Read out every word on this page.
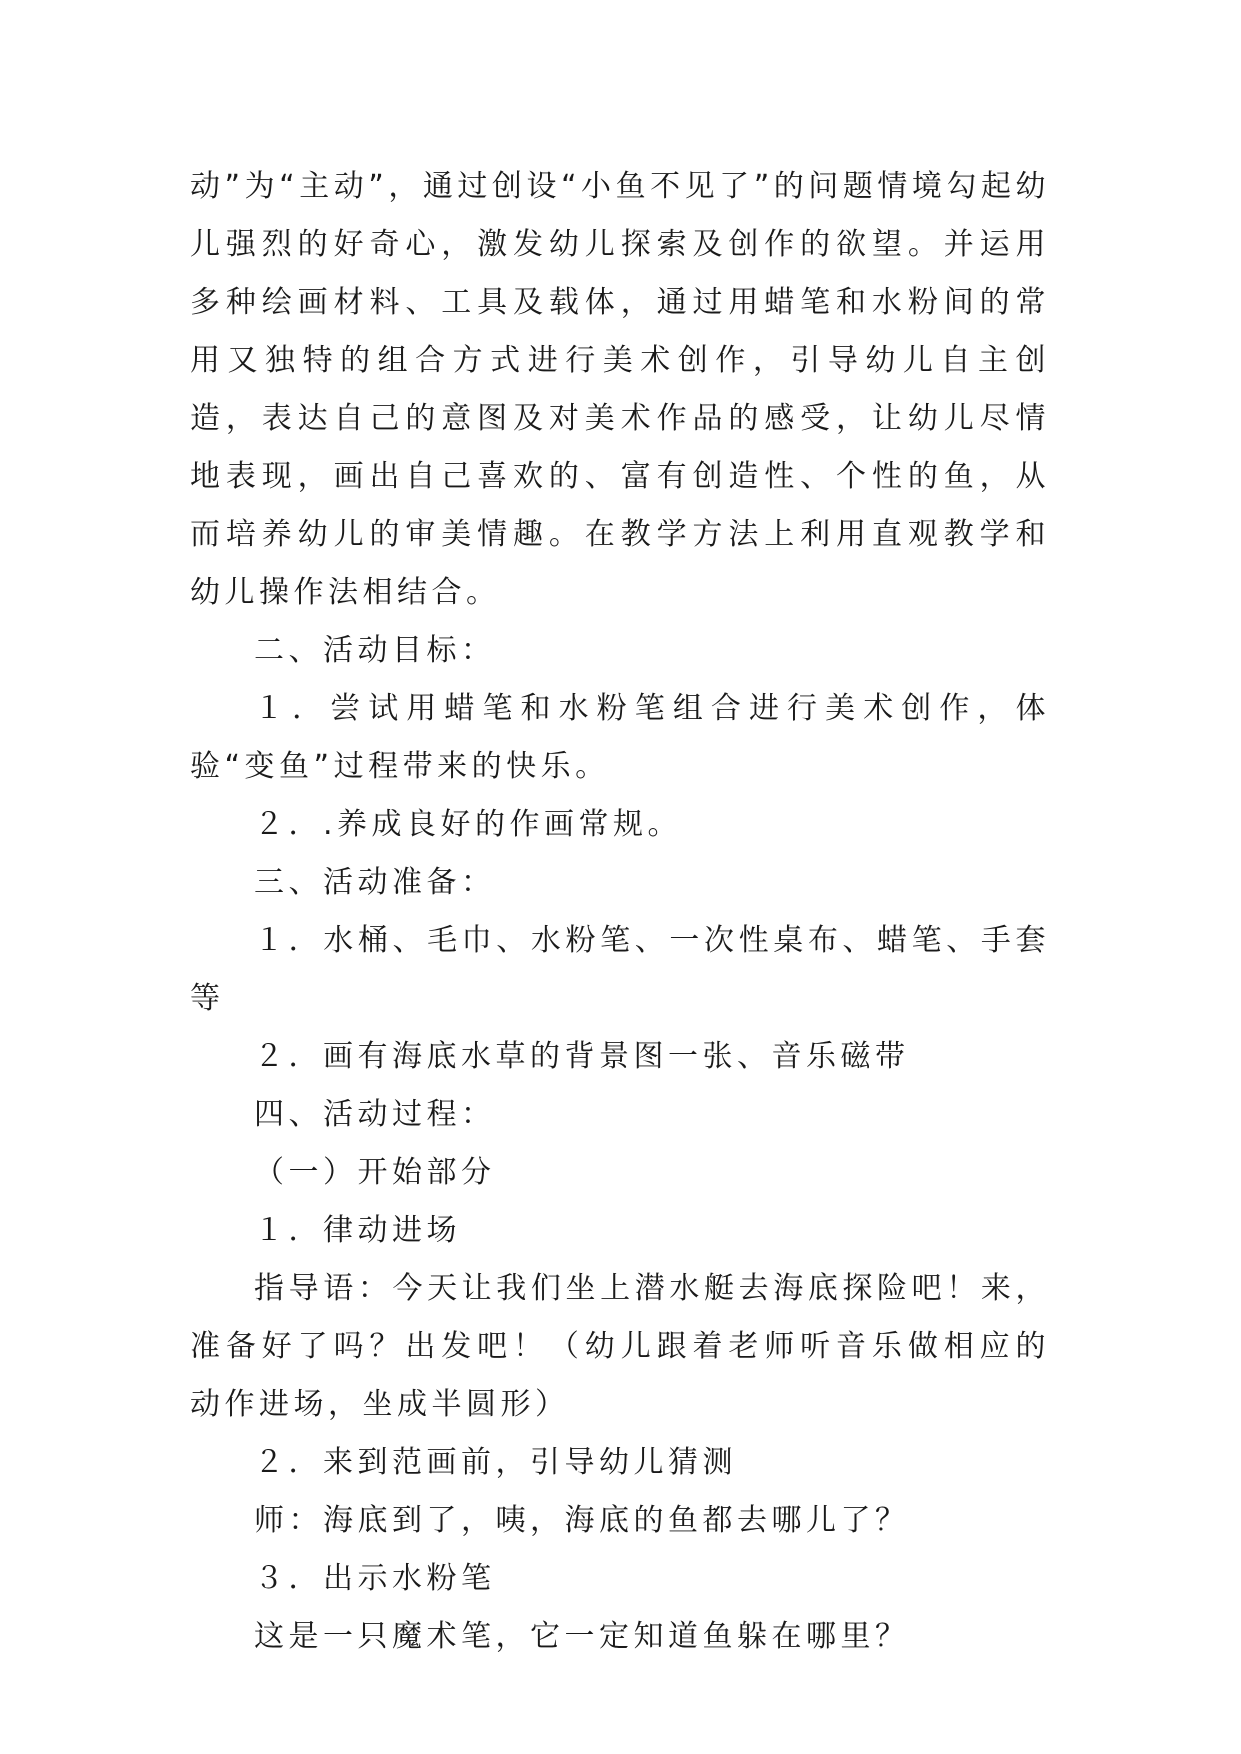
动”为“主动”，通过创设“小鱼不见了”的问题情境勾起幼儿强烈的好奇心，激发幼儿探索及创作的欲望。并运用多种绘画材料、工具及载体，通过用蜡笔和水粉间的常用又独特的组合方式进行美术创作，引导幼儿自主创造，表达自己的意图及对美术作品的感受，让幼儿尽情地表现，画出自己喜欢的、富有创造性、个性的鱼，从而培养幼儿的审美情趣。在教学方法上利用直观教学和幼儿操作法相结合。

二、活动目标：

１．尝试用蜡笔和水粉笔组合进行美术创作，体验“变鱼”过程带来的快乐。

２．.养成良好的作画常规。

三、活动准备：

１．水桶、毛巾、水粉笔、一次性桌布、蜡笔、手套等

２．画有海底水草的背景图一张、音乐磁带

四、活动过程：

（一）开始部分

１．律动进场

指导语：今天让我们坐上潜水艇去海底探险吧！来，准备好了吗？出发吧！（幼儿跟着老师听音乐做相应的动作进场，坐成半圆形）

２．来到范画前，引导幼儿猜测

师：海底到了，咦，海底的鱼都去哪儿了？

３．出示水粉笔

这是一只魔术笔，它一定知道鱼躲在哪里？
